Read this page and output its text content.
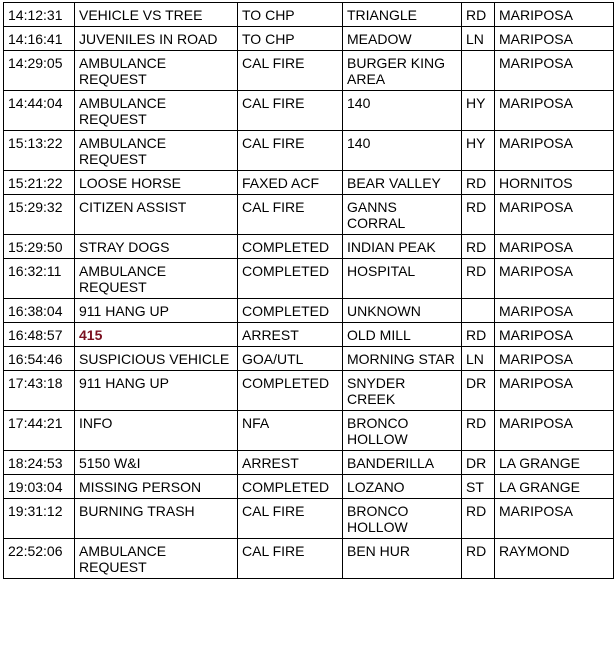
14:12:31	VEHICLE VS TREE	TO CHP	TRIANGLE	RD	MARIPOSA
14:16:41	JUVENILES IN ROAD	TO CHP	MEADOW	LN	MARIPOSA
14:29:05	AMBULANCE REQUEST	CAL FIRE	BURGER KING AREA		MARIPOSA
14:44:04	AMBULANCE REQUEST	CAL FIRE	140	HY	MARIPOSA
15:13:22	AMBULANCE REQUEST	CAL FIRE	140	HY	MARIPOSA
15:21:22	LOOSE HORSE	FAXED ACF	BEAR VALLEY	RD	HORNITOS
15:29:32	CITIZEN ASSIST	CAL FIRE	GANNS CORRAL	RD	MARIPOSA
15:29:50	STRAY DOGS	COMPLETED	INDIAN PEAK	RD	MARIPOSA
16:32:11	AMBULANCE REQUEST	COMPLETED	HOSPITAL	RD	MARIPOSA
16:38:04	911 HANG UP	COMPLETED	UNKNOWN		MARIPOSA
16:48:57	415	ARREST	OLD MILL	RD	MARIPOSA
16:54:46	SUSPICIOUS VEHICLE	GOA/UTL	MORNING STAR	LN	MARIPOSA
17:43:18	911 HANG UP	COMPLETED	SNYDER CREEK	DR	MARIPOSA
17:44:21	INFO	NFA	BRONCO HOLLOW	RD	MARIPOSA
18:24:53	5150 W&I	ARREST	BANDERILLA	DR	LA GRANGE
19:03:04	MISSING PERSON	COMPLETED	LOZANO	ST	LA GRANGE
19:31:12	BURNING TRASH	CAL FIRE	BRONCO HOLLOW	RD	MARIPOSA
22:52:06	AMBULANCE REQUEST	CAL FIRE	BEN HUR	RD	RAYMOND
